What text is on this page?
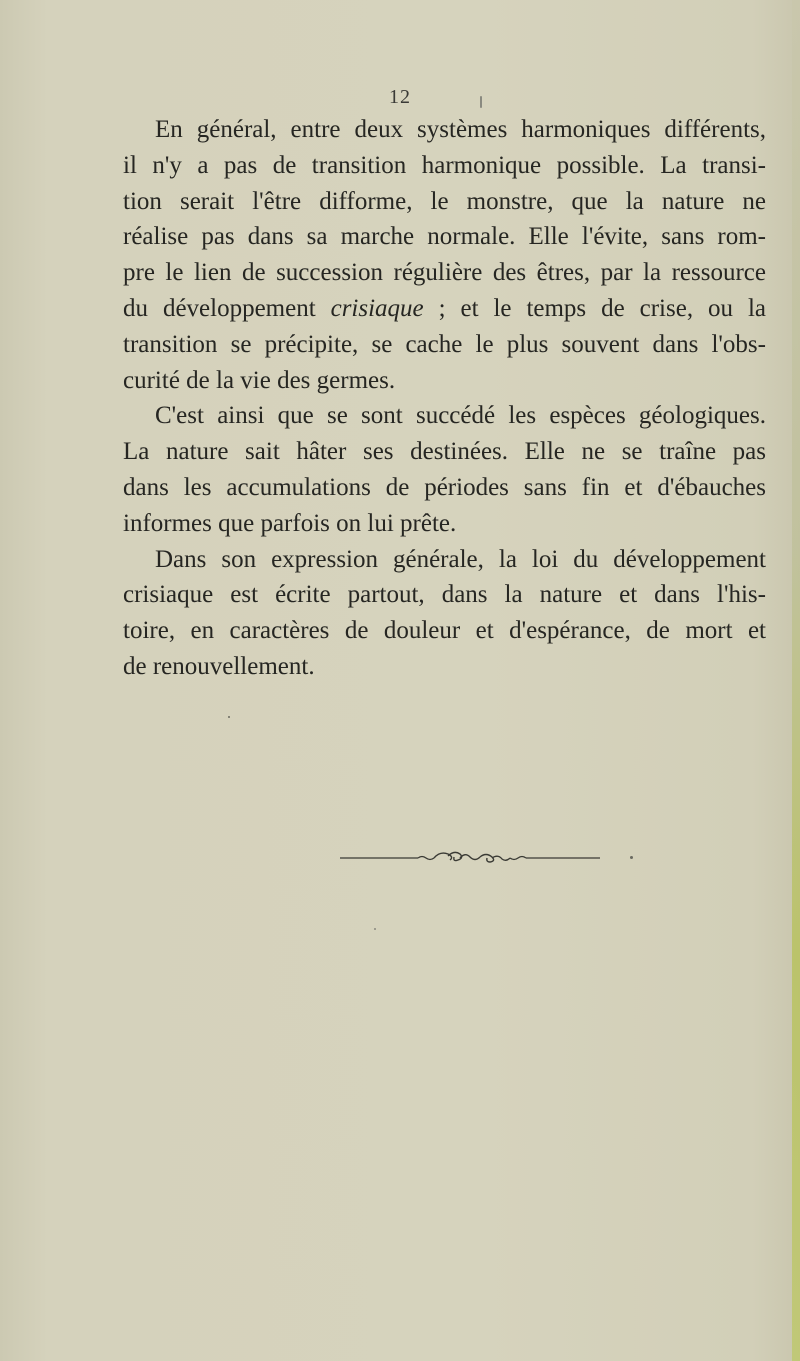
12

En général, entre deux systèmes harmoniques différents,
il n'y a pas de transition harmonique possible. La transi-
tion serait l'être difforme, le monstre, que la nature ne
réalise pas dans sa marche normale. Elle l'évite, sans rom-
pre le lien de succession régulière des êtres, par la ressource
du développement crisiaque ; et le temps de crise, ou la
transition se précipite, se cache le plus souvent dans l'obs-
curité de la vie des germes.

C'est ainsi que se sont succédé les espèces géologiques.
La nature sait hâter ses destinées. Elle ne se traîne pas
dans les accumulations de périodes sans fin et d'ébauches
informes que parfois on lui prête.

Dans son expression générale, la loi du développement
crisiaque est écrite partout, dans la nature et dans l'his-
toire, en caractères de douleur et d'espérance, de mort et
de renouvellement.
